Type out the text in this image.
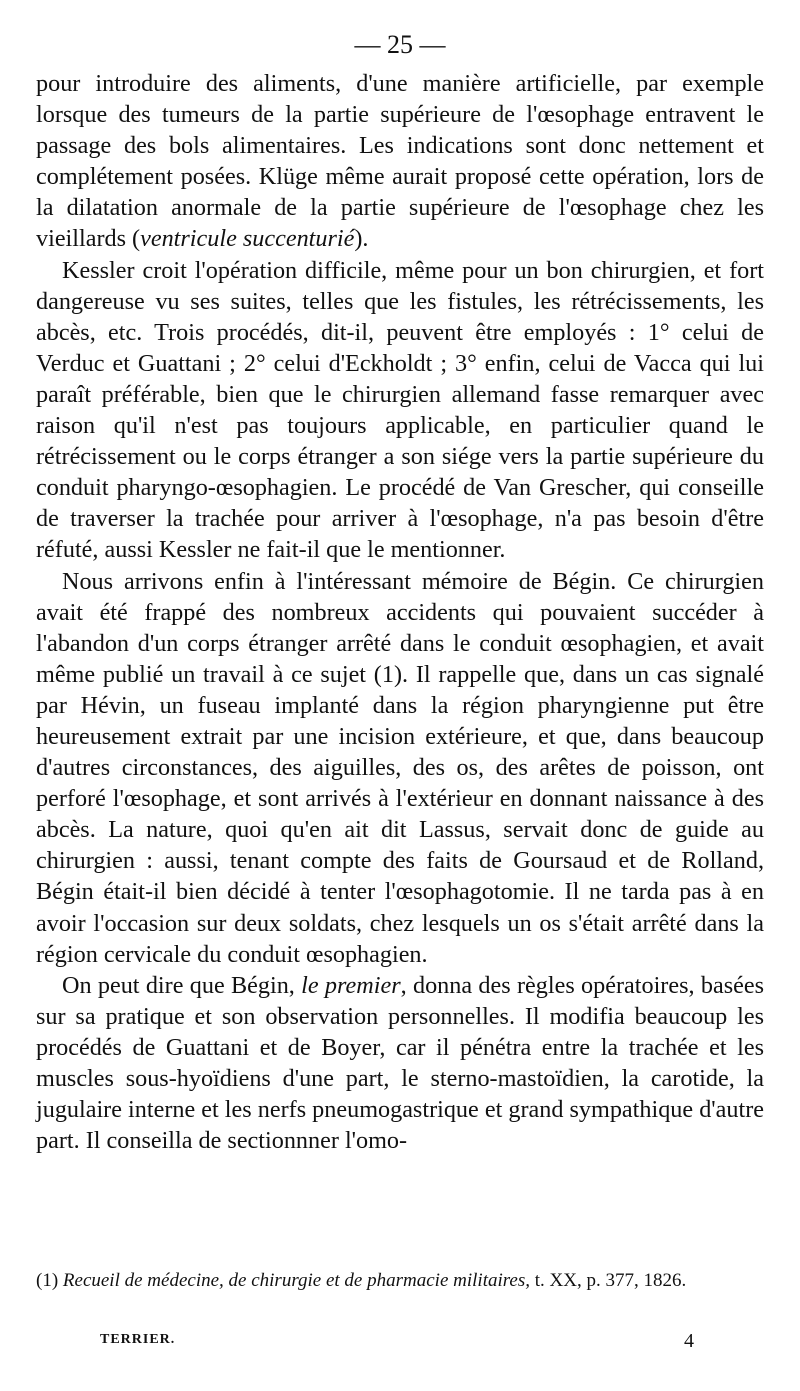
— 25 —

pour introduire des aliments, d'une manière artificielle, par exemple lorsque des tumeurs de la partie supérieure de l'œsophage entravent le passage des bols alimentaires. Les indications sont donc nettement et complétement posées. Klüge même aurait proposé cette opération, lors de la dilatation anormale de la partie supérieure de l'œsophage chez les vieillards (ventricule succenturié).

Kessler croit l'opération difficile, même pour un bon chirurgien, et fort dangereuse vu ses suites, telles que les fistules, les rétrécissements, les abcès, etc. Trois procédés, dit-il, peuvent être employés : 1° celui de Verduc et Guattani ; 2° celui d'Eckholdt ; 3° enfin, celui de Vacca qui lui paraît préférable, bien que le chirurgien allemand fasse remarquer avec raison qu'il n'est pas toujours applicable, en particulier quand le rétrécissement ou le corps étranger a son siége vers la partie supérieure du conduit pharyngo-œsophagien. Le procédé de Van Grescher, qui conseille de traverser la trachée pour arriver à l'œsophage, n'a pas besoin d'être réfuté, aussi Kessler ne fait-il que le mentionner.

Nous arrivons enfin à l'intéressant mémoire de Bégin. Ce chirurgien avait été frappé des nombreux accidents qui pouvaient succéder à l'abandon d'un corps étranger arrêté dans le conduit œsophagien, et avait même publié un travail à ce sujet (1). Il rappelle que, dans un cas signalé par Hévin, un fuseau implanté dans la région pharyngienne put être heureusement extrait par une incision extérieure, et que, dans beaucoup d'autres circonstances, des aiguilles, des os, des arêtes de poisson, ont perforé l'œsophage, et sont arrivés à l'extérieur en donnant naissance à des abcès. La nature, quoi qu'en ait dit Lassus, servait donc de guide au chirurgien : aussi, tenant compte des faits de Goursaud et de Rolland, Bégin était-il bien décidé à tenter l'œsophagotomie. Il ne tarda pas à en avoir l'occasion sur deux soldats, chez lesquels un os s'était arrêté dans la région cervicale du conduit œsophagien.

On peut dire que Bégin, le premier, donna des règles opératoires, basées sur sa pratique et son observation personnelles. Il modifia beaucoup les procédés de Guattani et de Boyer, car il pénétra entre la trachée et les muscles sous-hyoïdiens d'une part, le sterno-mastoïdien, la carotide, la jugulaire interne et les nerfs pneumogastrique et grand sympathique d'autre part. Il conseilla de sectionnner l'omo-

(1) Recueil de médecine, de chirurgie et de pharmacie militaires, t. XX, p. 377, 1826.
TERRIER.	4
